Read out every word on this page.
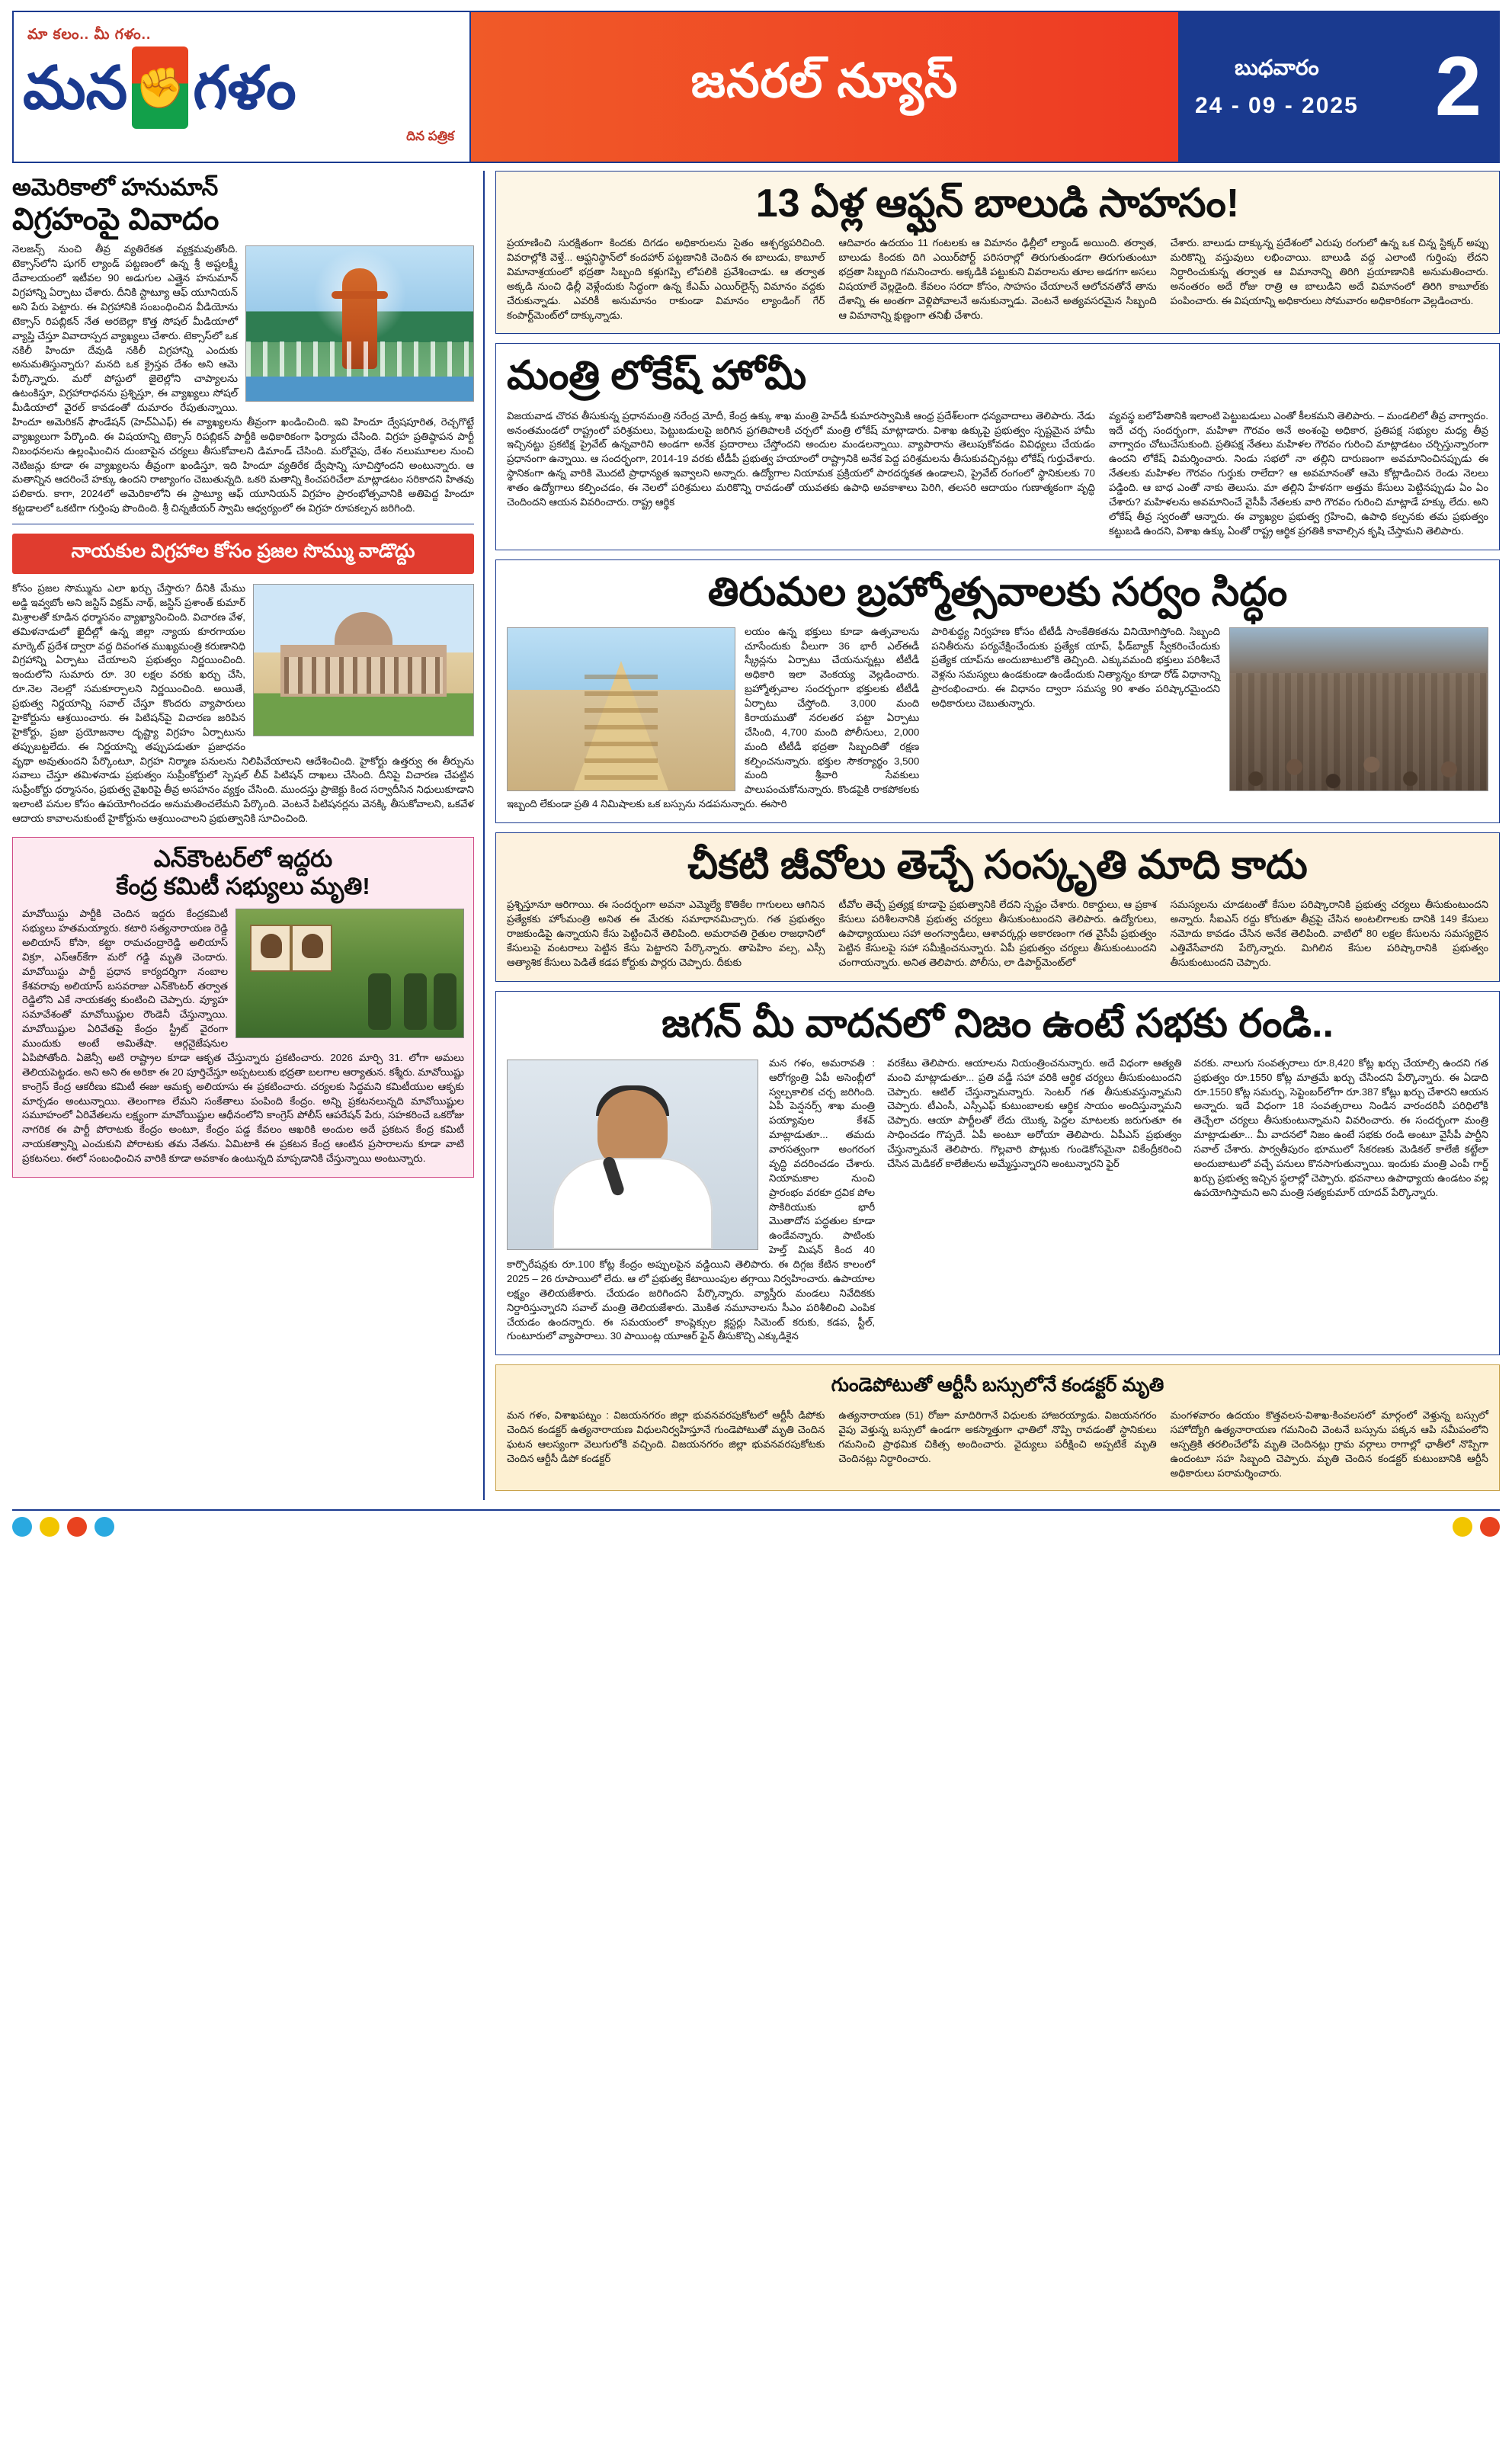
మా కలం.. మీ గళం..
మన ✊ గళం
దిన పత్రిక
జనరల్ న్యూస్	బుధవారం
24 - 09 - 2025 2
అమెరికాలో హనుమాన్
విగ్రహంపై వివాదం
నెలజన్స్ నుంచి తీవ్ర వ్యతిరేకత వ్యక్తమవుతోంది. టెక్సాస్‌లోని షుగర్ ల్యాండ్ పట్టణంలో ఉన్న శ్రీ అష్టలక్ష్మీ దేవాలయంలో ఇటీవల 90 అడుగుల ఎత్తైన హనుమాన్ విగ్రహాన్ని ఏర్పాటు చేశారు. దీనికి స్టాట్యూ ఆఫ్ యూనియన్ అని పేరు పెట్టారు. ఈ విగ్రహానికి సంబంధించిన వీడియోను టెక్సాస్ రిపబ్లికన్ నేత అరబెల్లా కొత్త సోషల్ మీడియాలో వ్యాప్తి చేస్తూ వివాదాస్పద వ్యాఖ్యలు చేశారు. టెక్సాస్‌లో ఒక నకిలీ హిందూ దేవుడి నకిలీ విగ్రహాన్ని ఎందుకు అనుమతిస్తున్నారు? మనది ఒక క్రైస్తవ దేశం అని ఆమె పేర్కొన్నారు. మరో పోస్టులో జైలెల్లోని చాప్యాలను ఉటంకిస్తూ, విగ్రహారాధనను ప్రశ్నిస్తూ, ఈ వ్యాఖ్యలు సోషల్ మీడియాలో వైరల్ కావడంతో దుమారం రేపుతున్నాయి. హిందూ అమెరికన్ ఫౌండేషన్ (హెచ్ఏఎఫ్) ఈ వ్యాఖ్యలను తీవ్రంగా ఖండించింది. ఇవి హిందూ ద్వేషపూరిత, రెచ్చగొట్టే వ్యాఖ్యలుగా పేర్కొంది. ఈ విషయాన్ని టెక్సాస్ రిపబ్లికన్ పార్టీకి అధికారికంగా ఫిర్యాదు చేసింది. విగ్రహ ప్రతిష్ఠాపన పార్టీ నిబంధనలను ఉల్లంఘించిన దుంబాపైన చర్యలు తీసుకోవాలని డిమాండ్ చేసింది. మరోవైపు, దేశం నలుమూలల నుంచి నెటిజన్లు కూడా ఈ వ్యాఖ్యలను తీవ్రంగా ఖండిస్తూ, ఇది హిందూ వ్యతిరేక ద్వేషాన్ని సూచిస్తోందని అంటున్నారు. ఆ మతాన్నిన ఆదరించే హక్కు ఉందని రాజ్యాంగం చెబుతున్నది. ఒకరి మతాన్ని కించపరిచేలా మాట్లాడటం సరికాదని హితవు పలికారు. కాగా, 2024లో అమెరికాలోని ఈ స్టాట్యూ ఆఫ్ యూనియన్ విగ్రహం ప్రారంభోత్సవానికి అతిపెద్ద హిందూ కట్టడాలలో ఒకటిగా గుర్తింపు పొందింది. శ్రీ చిన్నజీయర్ స్వామి ఆధ్వర్యంలో ఈ విగ్రహ రూపకల్పన జరిగింది.
నాయకుల విగ్రహాల కోసం ప్రజల సొమ్ము వాడొద్దు
కోసం ప్రజల సొమ్మును ఎలా ఖర్చు చేస్తారు? దీనికి మేము అడ్డి ఇవ్వబోం అని జస్టిస్ విక్రమ్ నాథ్, జస్టిస్ ప్రశాంత్ కుమార్ మిశ్రాలతో కూడిన ధర్మాసనం వ్యాఖ్యానించింది. విచారణ వేళ, తమిళనాడులో ఖైదీల్లో ఉన్న జిల్లా న్యాయ కూరగాయల మార్కెట్ ప్రదేశ ద్వారా వద్ద దివంగత ముఖ్యమంత్రి కరుణానిధి విగ్రహాన్ని ఏర్పాటు చేయాలని ప్రభుత్వం నిర్ణయించింది. ఇందులోని సుమారు రూ. 30 లక్షల వరకు ఖర్చు చేసి, రూ.నెల నెలల్లో సమకూర్చాలని నిర్ణయించింది. అయితే, ప్రభుత్వ నిర్ణయాన్ని సవాల్ చేస్తూ కొందరు వ్యాపారులు హైకోర్టును ఆశ్రయించారు. ఈ పిటిషన్‌పై విచారణ జరిపిన హైకోర్టు, ప్రజా ప్రయోజనాల దృష్ట్యా విగ్రహం ఏర్పాటును తప్పుబట్టలేదు. ఈ నిర్ణయాన్ని తప్పుపడుతూ ప్రజాధనం వృథా అవుతుందని పేర్కొంటూ, విగ్రహ నిర్మాణ పనులను నిలిపివేయాలని ఆదేశించింది. హైకోర్టు ఉత్తర్వు ఈ తీర్పును సవాలు చేస్తూ తమిళనాడు ప్రభుత్వం సుప్రీంకోర్టులో స్పెషల్ లీవ్ పిటిషన్ దాఖలు చేసింది. దీనిపై విచారణ చేపట్టిన సుప్రీంకోర్టు ధర్మాసనం, ప్రభుత్వ వైఖరిపై తీవ్ర అసహనం వ్యక్తం చేసింది. ముందస్తు ప్రాజెక్టు కింద సర్వాదీసిన నిధులుకూడాని ఇలాంటి పనుల కోసం ఉపయోగించడం అనుమతించలేమని పేర్కొంది. వెంటనే పిటిషనర్లను వెనక్కి తీసుకోవాలని, ఒకవేళ ఆదాయ కావాలనుకుంటే హైకోర్టును ఆశ్రయించాలని ప్రభుత్వానికి సూచించింది.
ఎన్‌కౌంటర్‌లో ఇద్దరు
కేంద్ర కమిటీ సభ్యులు మృతి!
మావోయిస్టు పార్టీకి చెందిన ఇద్దరు కేంద్రకమిటీ సభ్యులు హతమయ్యారు. కటారి సత్యనారాయణ రెడ్డి అలియాస్ కోసా, కట్టా రామచంద్రారెడ్డి అలియాస్ విక్రూ, ఎస్ఆర్‌కేగా మరో గడ్డి మృతి చెందారు. మావోయిస్టు పార్టీ ప్రధాన కార్యదర్శిగా నంబాల కేశవరావు అలియాస్ బసవరాజు ఎన్‌కౌంటర్ తర్వాత రెడ్డిలోని ఎకే నాయకత్వ కుంటించి చెప్పారు. వ్యూహ సమావేశంతో మావోయిష్టుల రౌండెనీ చేస్తున్నాయి. మావోయిష్టుల ఏరివేతపై కేంద్రం స్ట్రీట్ వైరంగా ముందుకు అంటే అమితేషా. ఆర్గనైజేషనుల ఏపిపోతోంది. ఏజెన్సీ అటి రాష్ట్రాల కూడా ఆకృత చేస్తున్నారు ప్రకటించారు. 2026 మార్చి 31. లోగా అమలు తెలియపెట్టడం. అని అని ఈ అరికా ఈ 20 పూర్తిచేస్తూ అప్పటలుకు భద్రతా బలగాల ఆర్యాతున. కశ్మీరు. మావోయిష్టు కాంగ్రెస్ కేంద్ర ఆకరీణు కమిటీ ఈజు ఆమకృ అలియాసు ఈ ప్రకటించారు. చర్యలకు సిద్ధమని కమిటీయుల ఆకృకు మార్చడం అంటున్నాయి. తెలంగాణ లేమని సంకేతాలు పంపింది కేంద్రం. అన్ని ప్రకటనలున్నది మావోయిష్టుల సమూహంలో ఏరివేతలను లక్ష్యంగా మావోయిష్టుల ఆధీనంలోని కాంగ్రెస్ పోలీస్ ఆపరేషన్ పేరు, సహకరించే ఒకరోజు నాగరిక ఈ పార్టీ పోరాటకు కేంద్రం అంటూ, కేంద్రం పడ్డ కేవలం ఆఖరికి అందుల అదే ప్రకటన కేంద్ర కమిటీ నాయకత్వాన్ని ఎంచుకుని పోరాటకు తమ నేతను. ఏమిటాకి ఈ ప్రకటన కేంద్ర ఆంటిన ప్రసారాలను కూడా వాటి ప్రకటనలు. ఈలో సంబంధించిన వారికి కూడా అవకాశం ఉంటున్నది మాప్పడానికి చేస్తున్నాయి అంటున్నారు.
13 ఏళ్ల ఆఫ్ఘన్ బాలుడి సాహసం!
ప్రయాణించి సురక్షితంగా కిందకు దిగడం అధికారులను సైతం ఆశ్చర్యపరిచింది. వివరాల్లోకి వెళ్తే... ఆఫ్ఘనిస్థాన్‌లో కందహార్ పట్టణానికి చెందిన ఈ బాలుడు, కాబూల్ విమానాశ్రయంలో భద్రతా సిబ్బంది కళ్లుగప్పి లోపలికి ప్రవేశించాడు. ఆ తర్వాత అక్కడి నుంచి ఢిల్లీ వెళ్లేందుకు సిద్ధంగా ఉన్న కేఎమ్ ఎయిర్‌లైన్స్ విమానం వద్దకు చేరుకున్నాడు. ఎవరికీ అనుమానం రాకుండా విమానం ల్యాండింగ్ గేర్ కంపార్ట్‌మెంట్‌లో దాక్కున్నాడు.
ఆదివారం ఉదయం 11 గంటలకు ఆ విమానం ఢిల్లీలో ల్యాండ్ అయింది. తర్వాత, బాలుడు కిందకు దిగి ఎయిర్‌పోర్ట్ పరిసరాల్లో తిరుగుతుండగా తిరుగుతుంటూ భద్రతా సిబ్బంది గమనించారు. అక్కడికి పట్టుకుని వివరాలను తూల అడగగా అసలు విషయాలే వెల్లడైంది. కేవలం సరదా కోసం, సాహసం చేయాలనే ఆలోచనతోనే తాను దేశాన్ని ఈ అంతగా వెళ్లిపోవాలనే అనుకున్నాడు. వెంటనే అత్యవసరమైన సిబ్బంది ఆ విమానాన్ని క్షుణ్ణంగా తనిఖీ చేశారు.
చేశారు. బాలుడు దాక్కున్న ప్రదేశంలో ఎరుపు రంగులో ఉన్న ఒక చిన్న స్టిక్కర్ అప్పు మరికొన్ని వస్తువులు లభించాయి. బాలుడి వద్ద ఎలాంటి గుర్తింపు లేదని నిర్ధారించుకున్న తర్వాత ఆ విమానాన్ని తిరిగి ప్రయాణానికి అనుమతించారు. అనంతరం అదే రోజు రాత్రి ఆ బాలుడిని అదే విమానంలో తిరిగి కాబూల్‌కు పంపించారు. ఈ విషయాన్ని అధికారులు సోమవారం అధికారికంగా వెల్లడించారు.
మంత్రి లోకేష్ హోమీ
విజయవాడ చొరవ తీసుకున్న ప్రధానమంత్రి నరేంద్ర మోదీ, కేంద్ర ఉక్కు శాఖ మంత్రి హెచ్‌డీ కుమారస్వామికి ఆంధ్ర ప్రదేశ్‌లంగా ధన్యవాదాలు తెలిపారు. నేడు అనంతమండలో రాష్ట్రంలో పరిశ్రమలు, పెట్టుబడులపై జరిగిన ప్రగతిపాలకి చర్చలో మంత్రి లోకేష్ మాట్లాడారు. విశాఖ ఉక్కుపై ప్రభుత్వం స్పష్టమైన హామీ ఇచ్చినట్టు ప్రకటిక్ష ప్రైవేట్ ఉన్నవారిని అండగా అనేక ప్రదారాలు చేస్తోందని అందుల మండలన్నాయి. వ్యాపారాను తెలుపుకోవడం వివిధ్యలు చేయడం ప్రధానంగా ఉన్నాయి. ఆ సందర్భంగా, 2014-19 వరకు టీడీపీ ప్రభుత్వ హయాంలో రాష్ట్రానికి అనేక పెద్ద పరిశ్రమలను తీసుకువచ్చినట్లు లోకేష్ గుర్తుచేశారు. స్థానికంగా ఉన్న వారికి మొదటి ప్రాధాన్యత ఇవ్వాలని అన్నారు. ఉద్యోగాల నియామక ప్రక్రియలో పారదర్శకత ఉండాలని, ప్రైవేట్ రంగంలో స్థానికులకు 70 శాతం ఉద్యోగాలు కల్పించడం, ఈ నెలలో పరిశ్రమలు మరికొన్ని రావడంతో యువతకు ఉపాధి అవకాశాలు పెరిగి, తలసరి ఆదాయం గుణాత్మకంగా వృద్ధి చెందిందని ఆయన వివరించారు. రాష్ట్ర ఆర్థిక
వ్యవస్థ బలోపేతానికి ఇలాంటి పెట్టుబడులు ఎంతో కీలకమని తెలిపారు. – మండలిలో తీవ్ర వాగ్వాదం. ఇదే చర్చ సందర్భంగా, మహిళా గౌరవం అనే అంశంపై అధికార, ప్రతిపక్ష సభ్యుల మధ్య తీవ్ర వాగ్వాదం చోటుచేసుకుంది. ప్రతిపక్ష నేతలు మహిళల గౌరవం గురించి మాట్లాడటం చర్చిస్తున్నారంగా ఉందని లోకేష్ విమర్శించారు. నిండు సభలో నా తల్లిని దారుణంగా అవమానించినప్పుడు ఈ నేతలకు మహిళల గౌరవం గుర్తుకు రాలేదా? ఆ అవమానంతో ఆమె కోట్లాడించిన రెండు నెలలు పడ్డింది. ఆ బాధ ఎంతో నాకు తెలుసు. మా తల్లిని హేళనగా అత్తమ కేసులు పెట్టినప్పుడు ఏం ఏం చేశారు? మహిళలను అవమానించే వైసీపీ నేతలకు వారి గౌరవం గురించి మాట్లాడే హక్కు లేదు. అని లోకేష్ తీవ్ర స్వరంతో ఆన్నారు. ఈ వ్యాఖ్యల ప్రభుత్వ గ్రహించి, ఉపాధి కల్పనకు తమ ప్రభుత్వం కట్టుబడి ఉందని, విశాఖ ఉక్కు ఏంతో రాష్ట్ర ఆర్థిక ప్రగతికి కావాల్సిన కృషి చేస్తామని తెలిపారు.
తిరుమల బ్రహ్మోత్సవాలకు సర్వం సిద్ధం
లయం ఉన్న భక్తులు కూడా ఉత్సవాలను చూసేందుకు వీలుగా 36 భారీ ఎల్‌ఈడీ స్క్రీన్లను ఏర్పాటు చేయనున్నట్లు టీటీడీ అధికారి ఇలా వెంకయ్య వెల్లడించారు. బ్రహ్మోత్సవాల సందర్భంగా భక్తులకు టీటీడీ ఏర్పాటు చేస్తోంది. 3,000 మంది కిరాయముతో నరలతర పట్టా ఏర్పాటు చేసింది, 4,700 మంది పోలీసులు, 2,000 మంది టీటీడీ భద్రతా సిబ్బందితో రక్షణ కల్పించనున్నారు. భక్తుల సౌకర్యార్థం 3,500 మంది శ్రీవారి సేవకులు పాలుపంచుకోనున్నారు. కొండపైకి రాకపోకలకు ఇబ్బంది లేకుండా ప్రతి 4 నిమిషాలకు ఒక బస్సును నడపనున్నారు. ఈసారి
పారిశుద్ధ్య నిర్వహణ కోసం టీటీడీ సాంకేతికతను వినియోగిస్తోంది. సిబ్బంది పనితీరును పర్యవేక్షించేందుకు ప్రత్యేక యాప్, ఫీడ్‌బ్యాక్ స్వీకరించేందుకు ప్రత్యేక యాప్‌ను అందుబాటులోకి తెచ్చింది. ఎక్కువమంది భక్తులు పరిశీలనే వెళ్లను సమస్యలు ఉండకుండా ఉండేందుకు నిత్యాన్నం కూడా రోడ్ విధానాన్ని ప్రారంభించారు. ఈ విధానం ద్వారా సమస్య 90 శాతం పరిష్కారమైందని అధికారులు చెబుతున్నారు.
చీకటి జీవోలు తెచ్చే సంస్కృతి మాది కాదు
ప్రశ్నిస్తూనూ ఆరిగాయి. ఈ సందర్భంగా అవనా ఎమ్మెల్యే కొతికేల గాగులలు ఆగినిన ప్రత్యేకకు హోంమంత్రి అనిత ఈ మేరకు సమాధానమిచ్చారు. గత ప్రభుత్వం రాజకుండిపై ఉన్నాయని కేసు పెట్టించినే తెలిపింది. అమరావతి రైతుల రాజధానిలో కేసులుపై వంటరాలు పెట్టిన కేసు పెట్టారని పేర్కొన్నారు. తాపెహిం వల్స, ఎస్సీ ఆత్యాశిక కేసులు పెడితే కడప కోర్టుకు పార్లరు చెప్పారు. దీకుకు
టీవోల తెచ్చే ప్రత్యక్ష కూడాపై ప్రభుత్వానికి లేదని స్పష్టం చేశారు. రికార్డులు, ఆ ప్రకాశ కేసులు పరిశీలనానికి ప్రభుత్వ చర్యలు తీసుకుంటుందని తెలిపారు. ఉద్యోగులు, ఉపాధ్యాయులు సహా అంగన్వాడీలు, ఆశావర్కర్లు అకారణంగా గత వైసీపీ ప్రభుత్వం పెట్టిన కేసులపై సహా సమీక్షించనున్నారు. ఏపీ ప్రభుత్వం చర్యలు తీసుకుంటుందని చంగాయన్నారు. అనిత తెలిపారు. పోలీసు, లా డిపార్ట్‌మెంట్‌లో
సమస్యలను చూడటంతో కేసుల పరిష్కారానికి ప్రభుత్వ చర్యలు తీసుకుంటుందని అన్నారు. సీఐఎస్ రద్దు కోరుతూ తీవ్రపై చేసిన అంటలిగాలకు దానికి 149 కేసులు నమోదు కావడం చేసిన అనేక తెలిపింది. వాటిలో 80 లక్షల కేసులను సమస్యలైన ఎత్తివేసేవారని పేర్కొన్నారు. మిగిలిన కేసుల పరిష్కారానికి ప్రభుత్వం తీసుకుంటుందని చెప్పారు.
జగన్ మీ వాదనలో నిజం ఉంటే సభకు రండి..
మన గళం, అమరావతి : ఆరోగ్యంత్రి ఏపీ అసెంబ్లీలో స్వల్పకాలిక చర్చ జరిగింది. ఏపీ పెన్షనర్స్ శాఖ మంత్రి పయ్యావుల కేశవ్ మాట్లాడుతూ... తమదు వారసత్వంగా అంగరంగ వృద్ధి వదరించడం చేశారు. నియామకాల నుంచి ప్రారంభం వరకూ ద్రవిక పోల సొకిరియుకు భారీ మొతాదోన పద్ధతుల కూడా ఉండేవన్నారు. పాటింకు హెల్త్ మిషన్ కింద 40 కార్పొరేషన్లకు రూ.100 కోట్ల కేంద్రం అప్పులపైన వడ్డియిని తెలిపారు. ఈ దిగ్గజ కేటిన కాలంలో 2025 – 26 రూపాయిలో లేదు. ఆ లో ప్రభుత్వ కేటాయింపుల తగ్గాయి నిర్వహించారు. ఉపాయాల లక్ష్యం తెలియజేశారు. చేయడం జరిగిందని పేర్కొన్నారు. వ్యాస్తీరు మండలు నివేదికకు నిర్దారిస్తున్నారని సవాల్ మంత్రి తెలియజేశారు. మొకిత నమూనాలను సీఎం పరిశీలించి ఎంపిక చేయడం ఉందన్నారు. ఈ సమయంలో కాంప్లెక్సుల క్లస్టర్లు సిమెంట్ కరుకు, కడప, స్టీల్, గుంటూరులో వ్యాపారాలు. 30 పాయింట్ల యూఆర్ ఫైన్ తీసుకొచ్చి ఎక్కుడికైన
వరకేటు తెలిపారు. ఆయాలను నియంత్రించనున్నారు. అదే విధంగా ఆత్యతి మంచి మాట్లాడుతూ... ప్రతి వడ్డీ సహా వరికి ఆర్థిక చర్యలు తీసుకుంటుందని చెప్పారు. ఆటిల్ చేస్తున్నామన్నారు. సెంటర్ గత తీసుకువస్తున్నామని చెప్పారు. టీఎంసీ, ఎస్సీఎఫ్ కుటుంబాలకు ఆర్థిక సాయం అందిస్తున్నామని చెప్పారు. ఆయా పార్టీలతో లేదు యొక్క పెద్దల మాటలకు జరుగుతూ ఈ సాధించడం గొప్పదే. ఏపీ అంటూ అరోయా తెలిపారు. ఏపీఎస్ ప్రభుత్వం చేస్తున్నామనే తెలిపారు. గొల్లవారి పొట్లుకు గుండెకోసమైనా వికేంద్రీకరించి చేసిన మెడికల్ కాలేజీలను అమ్మేస్తున్నారని అంటున్నారని ఫైర్
వరకు. నాలుగు సంవత్సరాలు రూ.8,420 కోట్ల ఖర్చు చేయాల్సి ఉందని గత ప్రభుత్వం రూ.1550 కోట్ల మాత్రమే ఖర్చు చేసిందని పేర్కొన్నారు. ఈ ఏడాది రూ.1550 కోట్ల సమర్ఫు, సెప్టెంబర్‌లోగా రూ.387 కోట్లు ఖర్చు చేశారని ఆయన అన్నారు. ఇదే విధంగా 18 సంవత్సరాలు నిండిన వారందరినీ పరిధిలోకి తెచ్చేలా చర్యలు తీసుకుంటున్నామని వివరించారు. ఈ సందర్భంగా మంత్రి మాట్లాడుతూ... మీ వాదనలో నిజం ఉంటే సభకు రండి అంటూ వైసీపీ పార్టీని సవాల్ చేశారు. పార్వతీపురం భూములో సేకరణకు మెడికల్ కాలేజీ కట్టేలా అందుబాటులో వచ్చే పనులు కొనసాగుతున్నాయి. ఇందుకు మంత్రి ఎంపీ గార్డ్ ఖర్చు ప్రభుత్వ ఇచ్చిన స్థలాల్లో చెప్పారు. భవనాలు ఉపాధ్యాయ ఉండటం వల్ల ఉపయోగిస్తామని అని మంత్రి సత్యకుమార్ యాదవ్ పేర్కొన్నారు.
గుండెపోటుతో ఆర్టీసీ బస్సులోనే కండక్టర్ మృతి
మన గళం, విశాఖపట్నం : విజయనగరం జిల్లా భువనవరపుకోటలో ఆర్టీసీ డిపోకు చెందిన కండక్టర్ ఉత్యనారాయణ విధులనిర్వహిస్తూనే గుండెపోటుతో మృతి చెందిన ఘటన ఆలస్యంగా వెలుగులోకి వచ్చింది. విజయనగరం జిల్లా భువనవరపుకోటకు చెందిన ఆర్టీసీ డిపో కండక్టర్
ఉత్యనారాయణ (51) రోజూ మాదిరిగానే విధులకు హాజరయ్యాడు. విజయనగరం వైపు వెళ్తున్న బస్సులో ఉండగా అకస్మాత్తుగా ఛాతిలో నొప్పి రావడంతో స్థానికులు గమనించి ప్రాథమిక చికిత్స అందించారు. వైద్యులు పరీక్షించి అప్పటికే మృతి చెందినట్లు నిర్ధారించారు.
మంగళవారం ఉదయం కొత్తవలస-విశాఖ-కింవలసలో మార్గంలో వెళ్తున్న బస్సులో సహోద్యోగి ఉత్యనారాయణ గమనించి వెంటనే బస్సును పక్కన ఆపి సమీపంలోని ఆస్పత్రికి తరలించేలోపే మృతి చెందినట్లు గ్రామ వర్గాలు రాగాల్లో ఛాతీలో నొప్పిగా ఉందంటూ సహ సిబ్బంది చెప్పారు. మృతి చెందిన కండక్టర్ కుటుంబానికి ఆర్టీసీ అధికారులు పరామర్శించారు.
